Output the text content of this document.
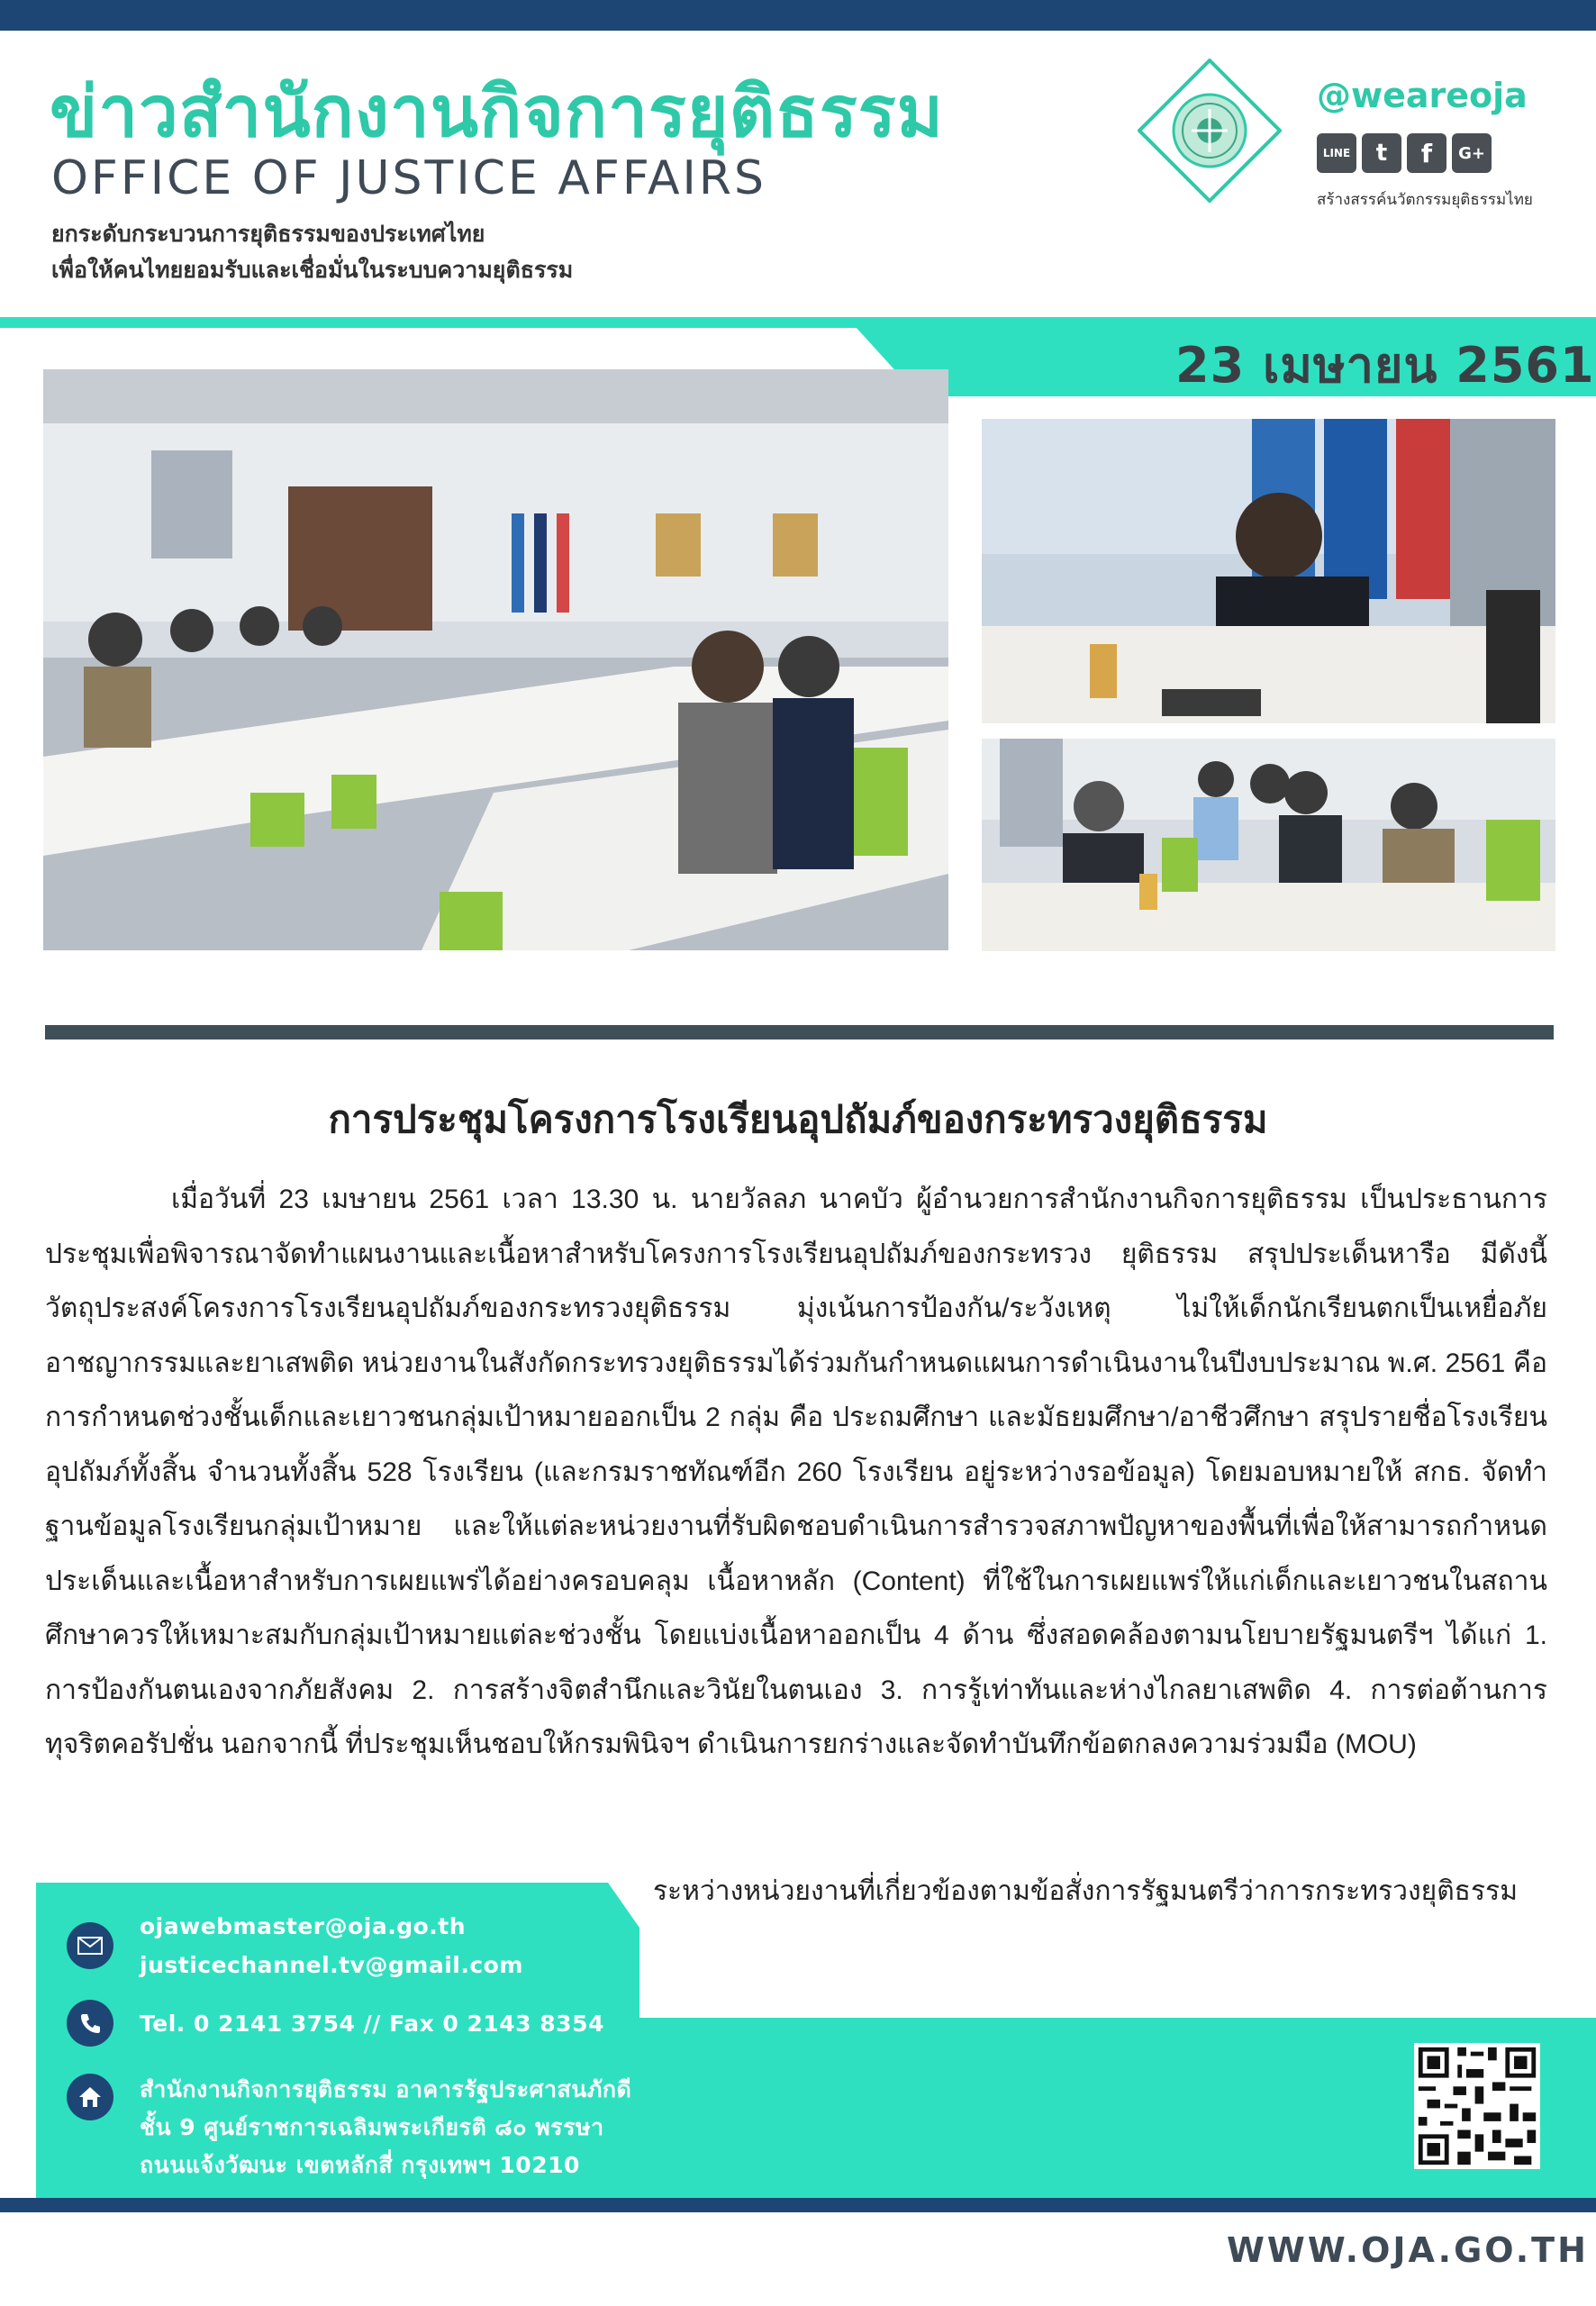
ข่าวสำนักงานกิจการยุติธรรม
OFFICE OF JUSTICE AFFAIRS
ยกระดับกระบวนการยุติธรรมของประเทศไทย
เพื่อให้คนไทยยอมรับและเชื่อมั่นในระบบความยุติธรรม
@weareoja
LINE t f G+
สร้างสรรค์นวัตกรรมยุติธรรมไทย
23 เมษายน 2561
การประชุมโครงการโรงเรียนอุปถัมภ์ของกระทรวงยุติธรรม

เมื่อวันที่ 23 เมษายน 2561 เวลา 13.30 น. นายวัลลภ นาคบัว ผู้อำนวยการสำนักงานกิจการยุติธรรม เป็นประธานการประชุมเพื่อพิจารณาจัดทำแผนงานและเนื้อหาสำหรับโครงการโรงเรียนอุปถัมภ์ของกระทรวง ยุติธรรม สรุปประเด็นหารือ มีดังนี้ วัตถุประสงค์โครงการโรงเรียนอุปถัมภ์ของกระทรวงยุติธรรม มุ่งเน้นการป้องกัน/ระวังเหตุ ไม่ให้เด็กนักเรียนตกเป็นเหยื่อภัยอาชญากรรมและยาเสพติด หน่วยงานในสังกัดกระทรวงยุติธรรมได้ร่วมกันกำหนดแผนการดำเนินงานในปีงบประมาณ พ.ศ. 2561 คือ การกำหนดช่วงชั้นเด็กและเยาวชนกลุ่มเป้าหมายออกเป็น 2 กลุ่ม คือ ประถมศึกษา และมัธยมศึกษา/อาชีวศึกษา สรุปรายชื่อโรงเรียนอุปถัมภ์ทั้งสิ้น จำนวนทั้งสิ้น 528 โรงเรียน (และกรมราชทัณฑ์อีก 260 โรงเรียน อยู่ระหว่างรอข้อมูล) โดยมอบหมายให้ สกธ. จัดทำฐานข้อมูลโรงเรียนกลุ่มเป้าหมาย และให้แต่ละหน่วยงานที่รับผิดชอบดำเนินการสำรวจสภาพปัญหาของพื้นที่เพื่อให้สามารถกำหนดประเด็นและเนื้อหาสำหรับการเผยแพร่ได้อย่างครอบคลุม เนื้อหาหลัก (Content) ที่ใช้ในการเผยแพร่ให้แก่เด็กและเยาวชนในสถานศึกษาควรให้เหมาะสมกับกลุ่มเป้าหมายแต่ละช่วงชั้น โดยแบ่งเนื้อหาออกเป็น 4 ด้าน ซึ่งสอดคล้องตามนโยบายรัฐมนตรีฯ ได้แก่ 1. การป้องกันตนเองจากภัยสังคม 2. การสร้างจิตสำนึกและวินัยในตนเอง 3. การรู้เท่าทันและห่างไกลยาเสพติด 4. การต่อต้านการทุจริตคอรัปชั่น นอกจากนี้ ที่ประชุมเห็นชอบให้กรมพินิจฯ ดำเนินการยกร่างและจัดทำบันทึกข้อตกลงความร่วมมือ (MOU)

ระหว่างหน่วยงานที่เกี่ยวข้องตามข้อสั่งการรัฐมนตรีว่าการกระทรวงยุติธรรม
ojawebmaster@oja.go.th
justicechannel.tv@gmail.com
Tel. 0 2141 3754 // Fax 0 2143 8354
สำนักงานกิจการยุติธรรม อาคารรัฐประศาสนภักดี
ชั้น 9 ศูนย์ราชการเฉลิมพระเกียรติ ๘๐ พรรษา
ถนนแจ้งวัฒนะ เขตหลักสี่ กรุงเทพฯ 10210
WWW.OJA.GO.TH
